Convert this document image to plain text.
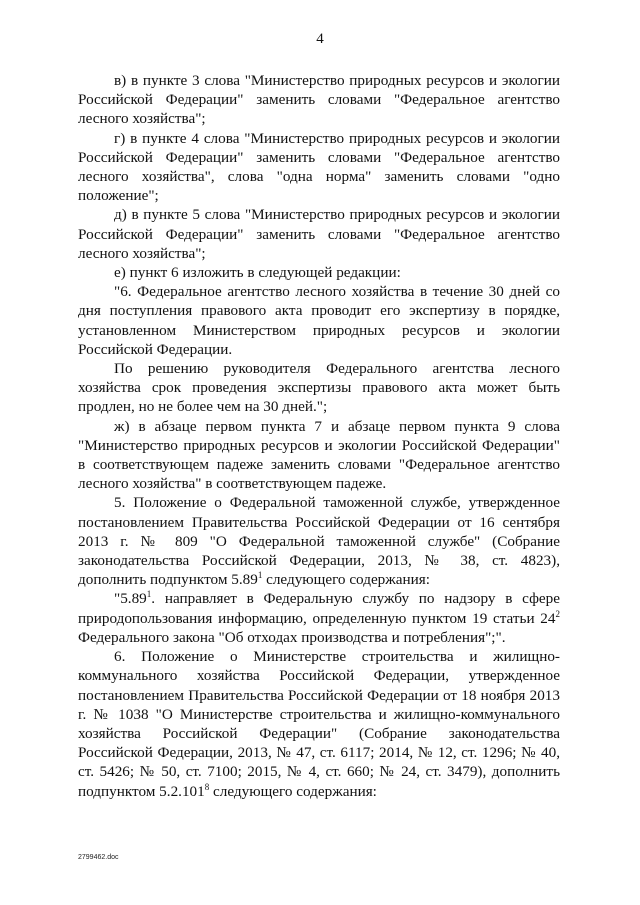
4

в) в пункте 3 слова "Министерство природных ресурсов и экологии Российской Федерации" заменить словами "Федеральное агентство лесного хозяйства";

г) в пункте 4 слова "Министерство природных ресурсов и экологии Российской Федерации" заменить словами "Федеральное агентство лесного хозяйства", слова "одна норма" заменить словами "одно положение";

д) в пункте 5 слова "Министерство природных ресурсов и экологии Российской Федерации" заменить словами "Федеральное агентство лесного хозяйства";

е) пункт 6 изложить в следующей редакции:

"6. Федеральное агентство лесного хозяйства в течение 30 дней со дня поступления правового акта проводит его экспертизу в порядке, установленном Министерством природных ресурсов и экологии Российской Федерации.

По решению руководителя Федерального агентства лесного хозяйства срок проведения экспертизы правового акта может быть продлен, но не более чем на 30 дней.";

ж) в абзаце первом пункта 7 и абзаце первом пункта 9 слова "Министерство природных ресурсов и экологии Российской Федерации" в соответствующем падеже заменить словами "Федеральное агентство лесного хозяйства" в соответствующем падеже.

5. Положение о Федеральной таможенной службе, утвержденное постановлением Правительства Российской Федерации от 16 сентября 2013 г. № 809 "О Федеральной таможенной службе" (Собрание законодательства Российской Федерации, 2013, № 38, ст. 4823), дополнить подпунктом 5.89$^1$ следующего содержания:

"5.89$^1$. направляет в Федеральную службу по надзору в сфере природопользования информацию, определенную пунктом 19 статьи $24^2$ Федерального закона "Об отходах производства и потребления";".

6. Положение о Министерстве строительства и жилищно-коммунального хозяйства Российской Федерации, утвержденное постановлением Правительства Российской Федерации от 18 ноября 2013 г. № 1038 "О Министерстве строительства и жилищно-коммунального хозяйства Российской Федерации" (Собрание законодательства Российской Федерации, 2013, № 47, ст. 6117; 2014, № 12, ст. 1296; № 40, ст. 5426; № 50, ст. 7100; 2015, № 4, ст. 660; № 24, ст. 3479), дополнить подпунктом 5.2.101$^8$ следующего содержания:

2799462.doc
